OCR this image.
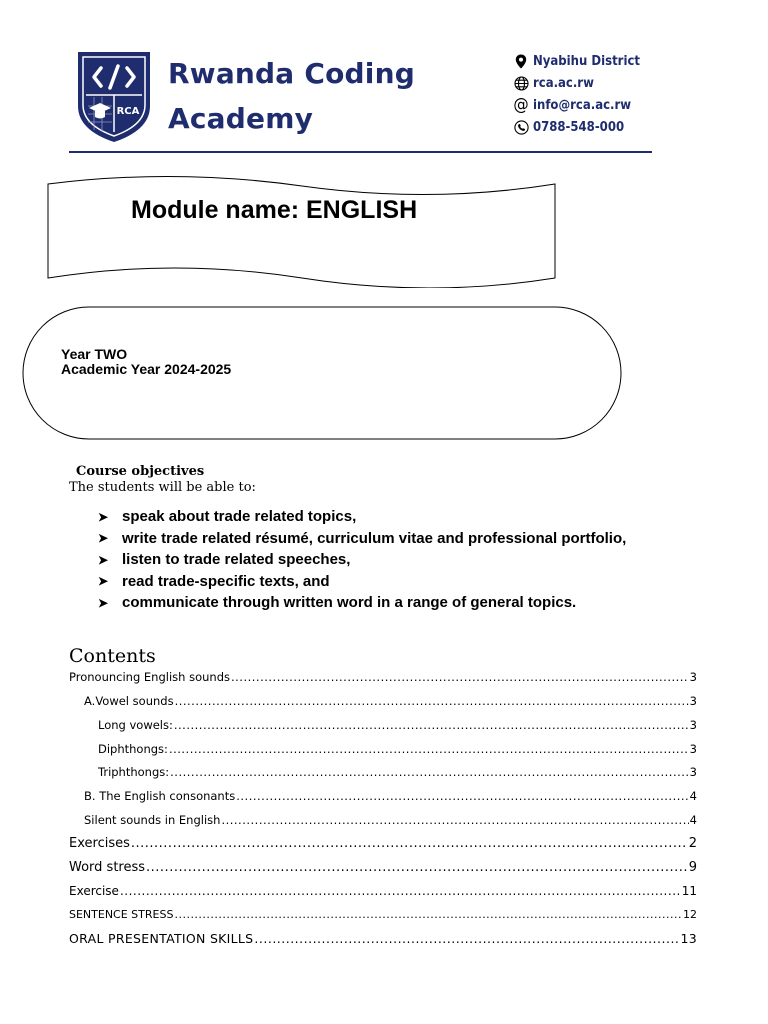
RCA
Rwanda Coding
Academy
Nyabihu District
rca.ac.rw
@ info@rca.ac.rw
0788-548-000
Module name: ENGLISH
Year TWO
Academic Year 2024-2025
Course objectives
The students will be able to:
➤ speak about trade related topics,
➤ write trade related résumé, curriculum vitae and professional portfolio,
➤ listen to trade related speeches,
➤ read trade-specific texts, and
➤ communicate through written word in a range of general topics.
Contents
Pronouncing English sounds .....	3
A.Vowel sounds .....	3
Long vowels: .....	3
Diphthongs: .....	3
Triphthongs: .....	3
B. The English consonants .....	4
Silent sounds in English .....	4
Exercises .....	2
Word stress .....	9
Exercise .....	11
SENTENCE STRESS .....	12
ORAL PRESENTATION SKILLS .....	13
